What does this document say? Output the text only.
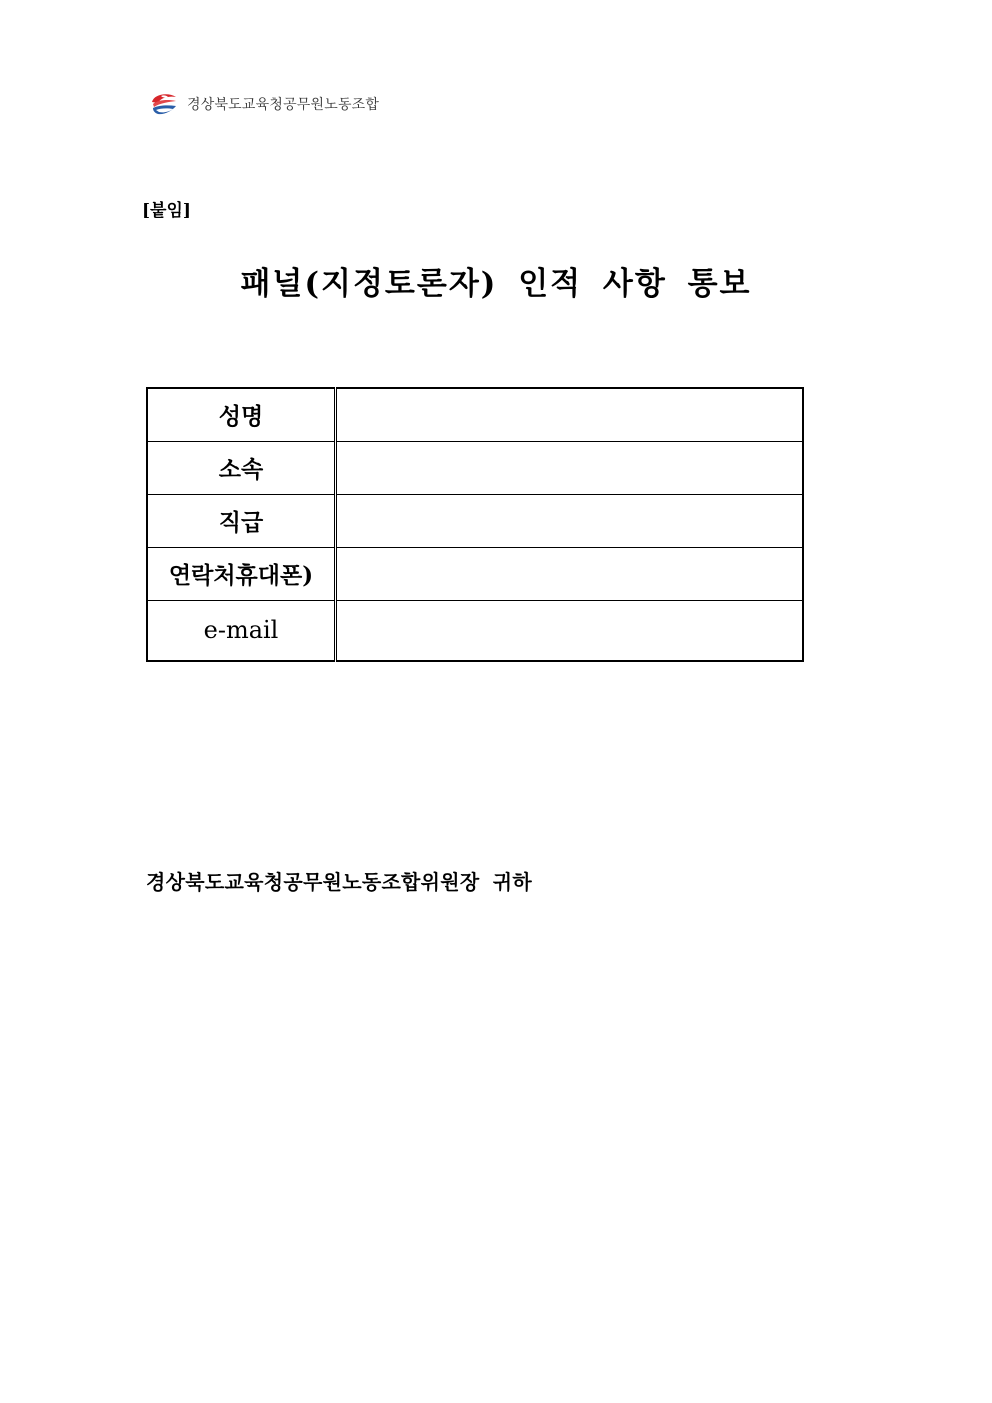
경상북도교육청공무원노동조합
[붙임]
패널(지정토론자) 인적 사항 통보
성명	
소속	
직급	
연락처휴대폰)	
e-mail	
경상북도교육청공무원노동조합위원장 귀하
